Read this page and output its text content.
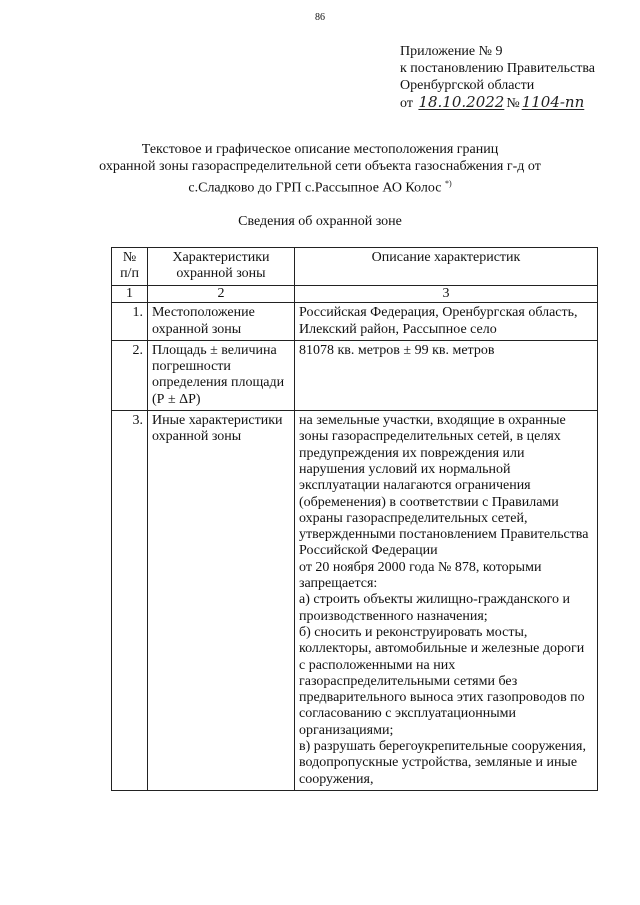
86
Приложение № 9
к постановлению Правительства
Оренбургской области
от
18.10.2022 № 1104-пп
Текстовое и графическое описание местоположения границ
охранной зоны газораспределительной сети объекта газоснабжения г-д от
с.Сладково до ГРП с.Рассыпное АО Колос *)
Сведения об охранной зоне
№ п/п	Характеристики охранной зоны	Описание характеристик
1	2	3
1.	Местоположение охранной зоны	Российская Федерация, Оренбургская область, Илекский район, Рассыпное село
2.	Площадь ± величина погрешности определения площади (Р ± ΔР)	81078 кв. метров ± 99 кв. метров
3.	Иные характеристики охранной зоны	на земельные участки, входящие в охранные зоны газораспределительных сетей, в целях предупреждения их повреждения или нарушения условий их нормальной эксплуатации налагаются ограничения (обременения) в соответствии с Правилами охраны газораспределительных сетей, утвержденными постановлением Правительства Российской Федерации
от 20 ноября 2000 года № 878, которыми запрещается:
а) строить объекты жилищно-гражданского и производственного назначения;
б) сносить и реконструировать мосты, коллекторы, автомобильные и железные дороги с расположенными на них газораспределительными сетями без предварительного выноса этих газопроводов по согласованию с эксплуатационными организациями;
в) разрушать берегоукрепительные сооружения, водопропускные устройства, земляные и иные сооружения,
